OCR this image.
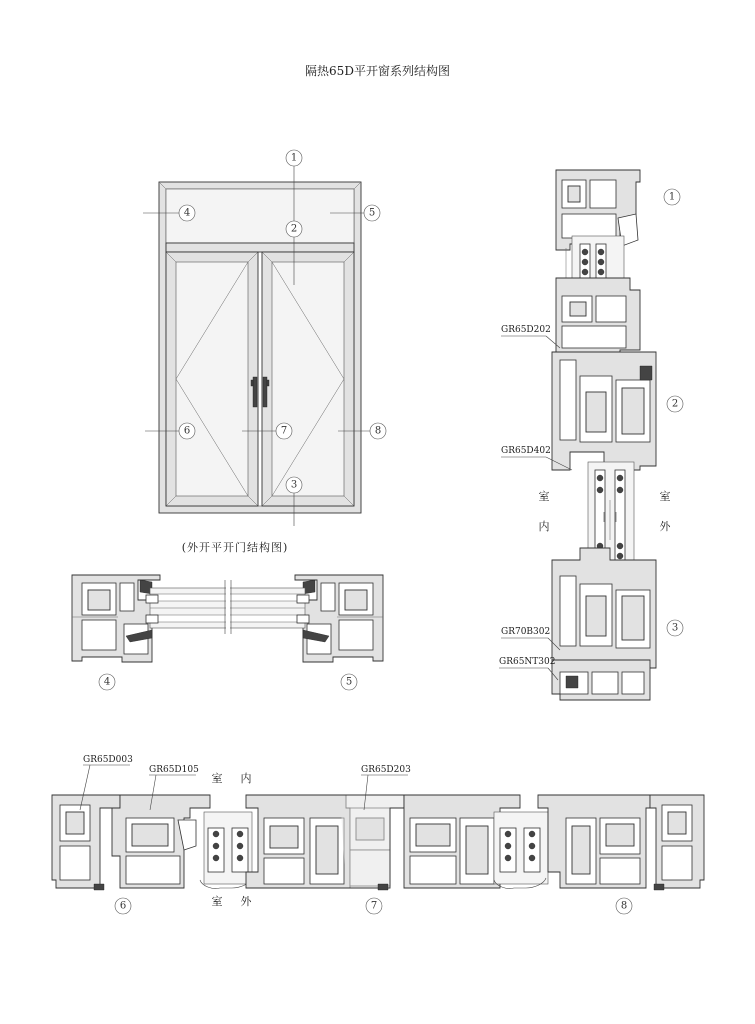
隔热65D平开窗系列结构图
(外开平开门结构图)
1
2
3
4	5
6	7	8
4	5
室
内
室
外
GR65D202
GR65D402
GR70B302
GR65NT302
1
2
3
GR65D003
GR65D105	GR65D203
室 内
室 外
6	7	8
